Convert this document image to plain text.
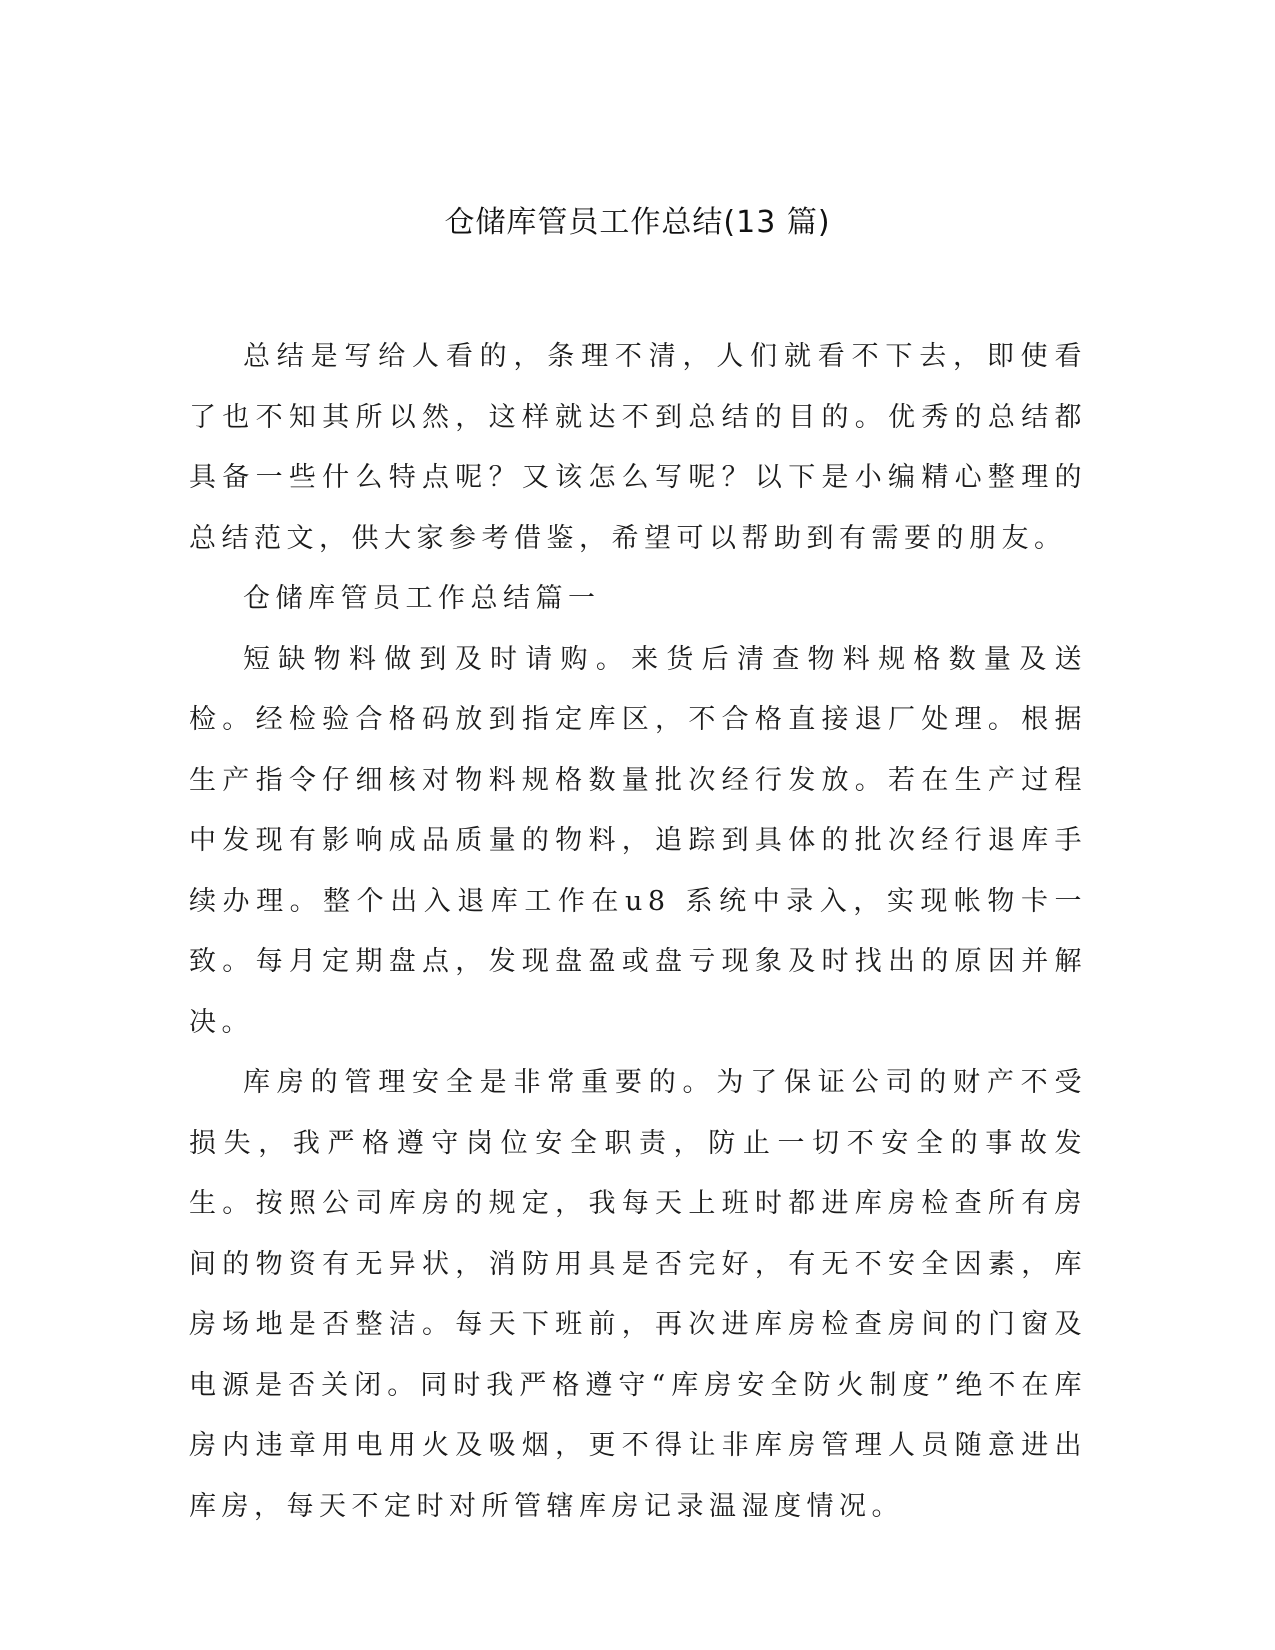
仓储库管员工作总结(13 篇)

总结是写给人看的，条理不清，人们就看不下去，即使看了也不知其所以然，这样就达不到总结的目的。优秀的总结都具备一些什么特点呢？又该怎么写呢？以下是小编精心整理的总结范文，供大家参考借鉴，希望可以帮助到有需要的朋友。

仓储库管员工作总结篇一

短缺物料做到及时请购。来货后清查物料规格数量及送检。经检验合格码放到指定库区，不合格直接退厂处理。根据生产指令仔细核对物料规格数量批次经行发放。若在生产过程中发现有影响成品质量的物料，追踪到具体的批次经行退库手续办理。整个出入退库工作在u8 系统中录入，实现帐物卡一致。每月定期盘点，发现盘盈或盘亏现象及时找出的原因并解决。

库房的管理安全是非常重要的。为了保证公司的财产不受损失，我严格遵守岗位安全职责，防止一切不安全的事故发生。按照公司库房的规定，我每天上班时都进库房检查所有房间的物资有无异状，消防用具是否完好，有无不安全因素，库房场地是否整洁。每天下班前，再次进库房检查房间的门窗及电源是否关闭。同时我严格遵守“库房安全防火制度”绝不在库房内违章用电用火及吸烟，更不得让非库房管理人员随意进出库房，每天不定时对所管辖库房记录温湿度情况。
